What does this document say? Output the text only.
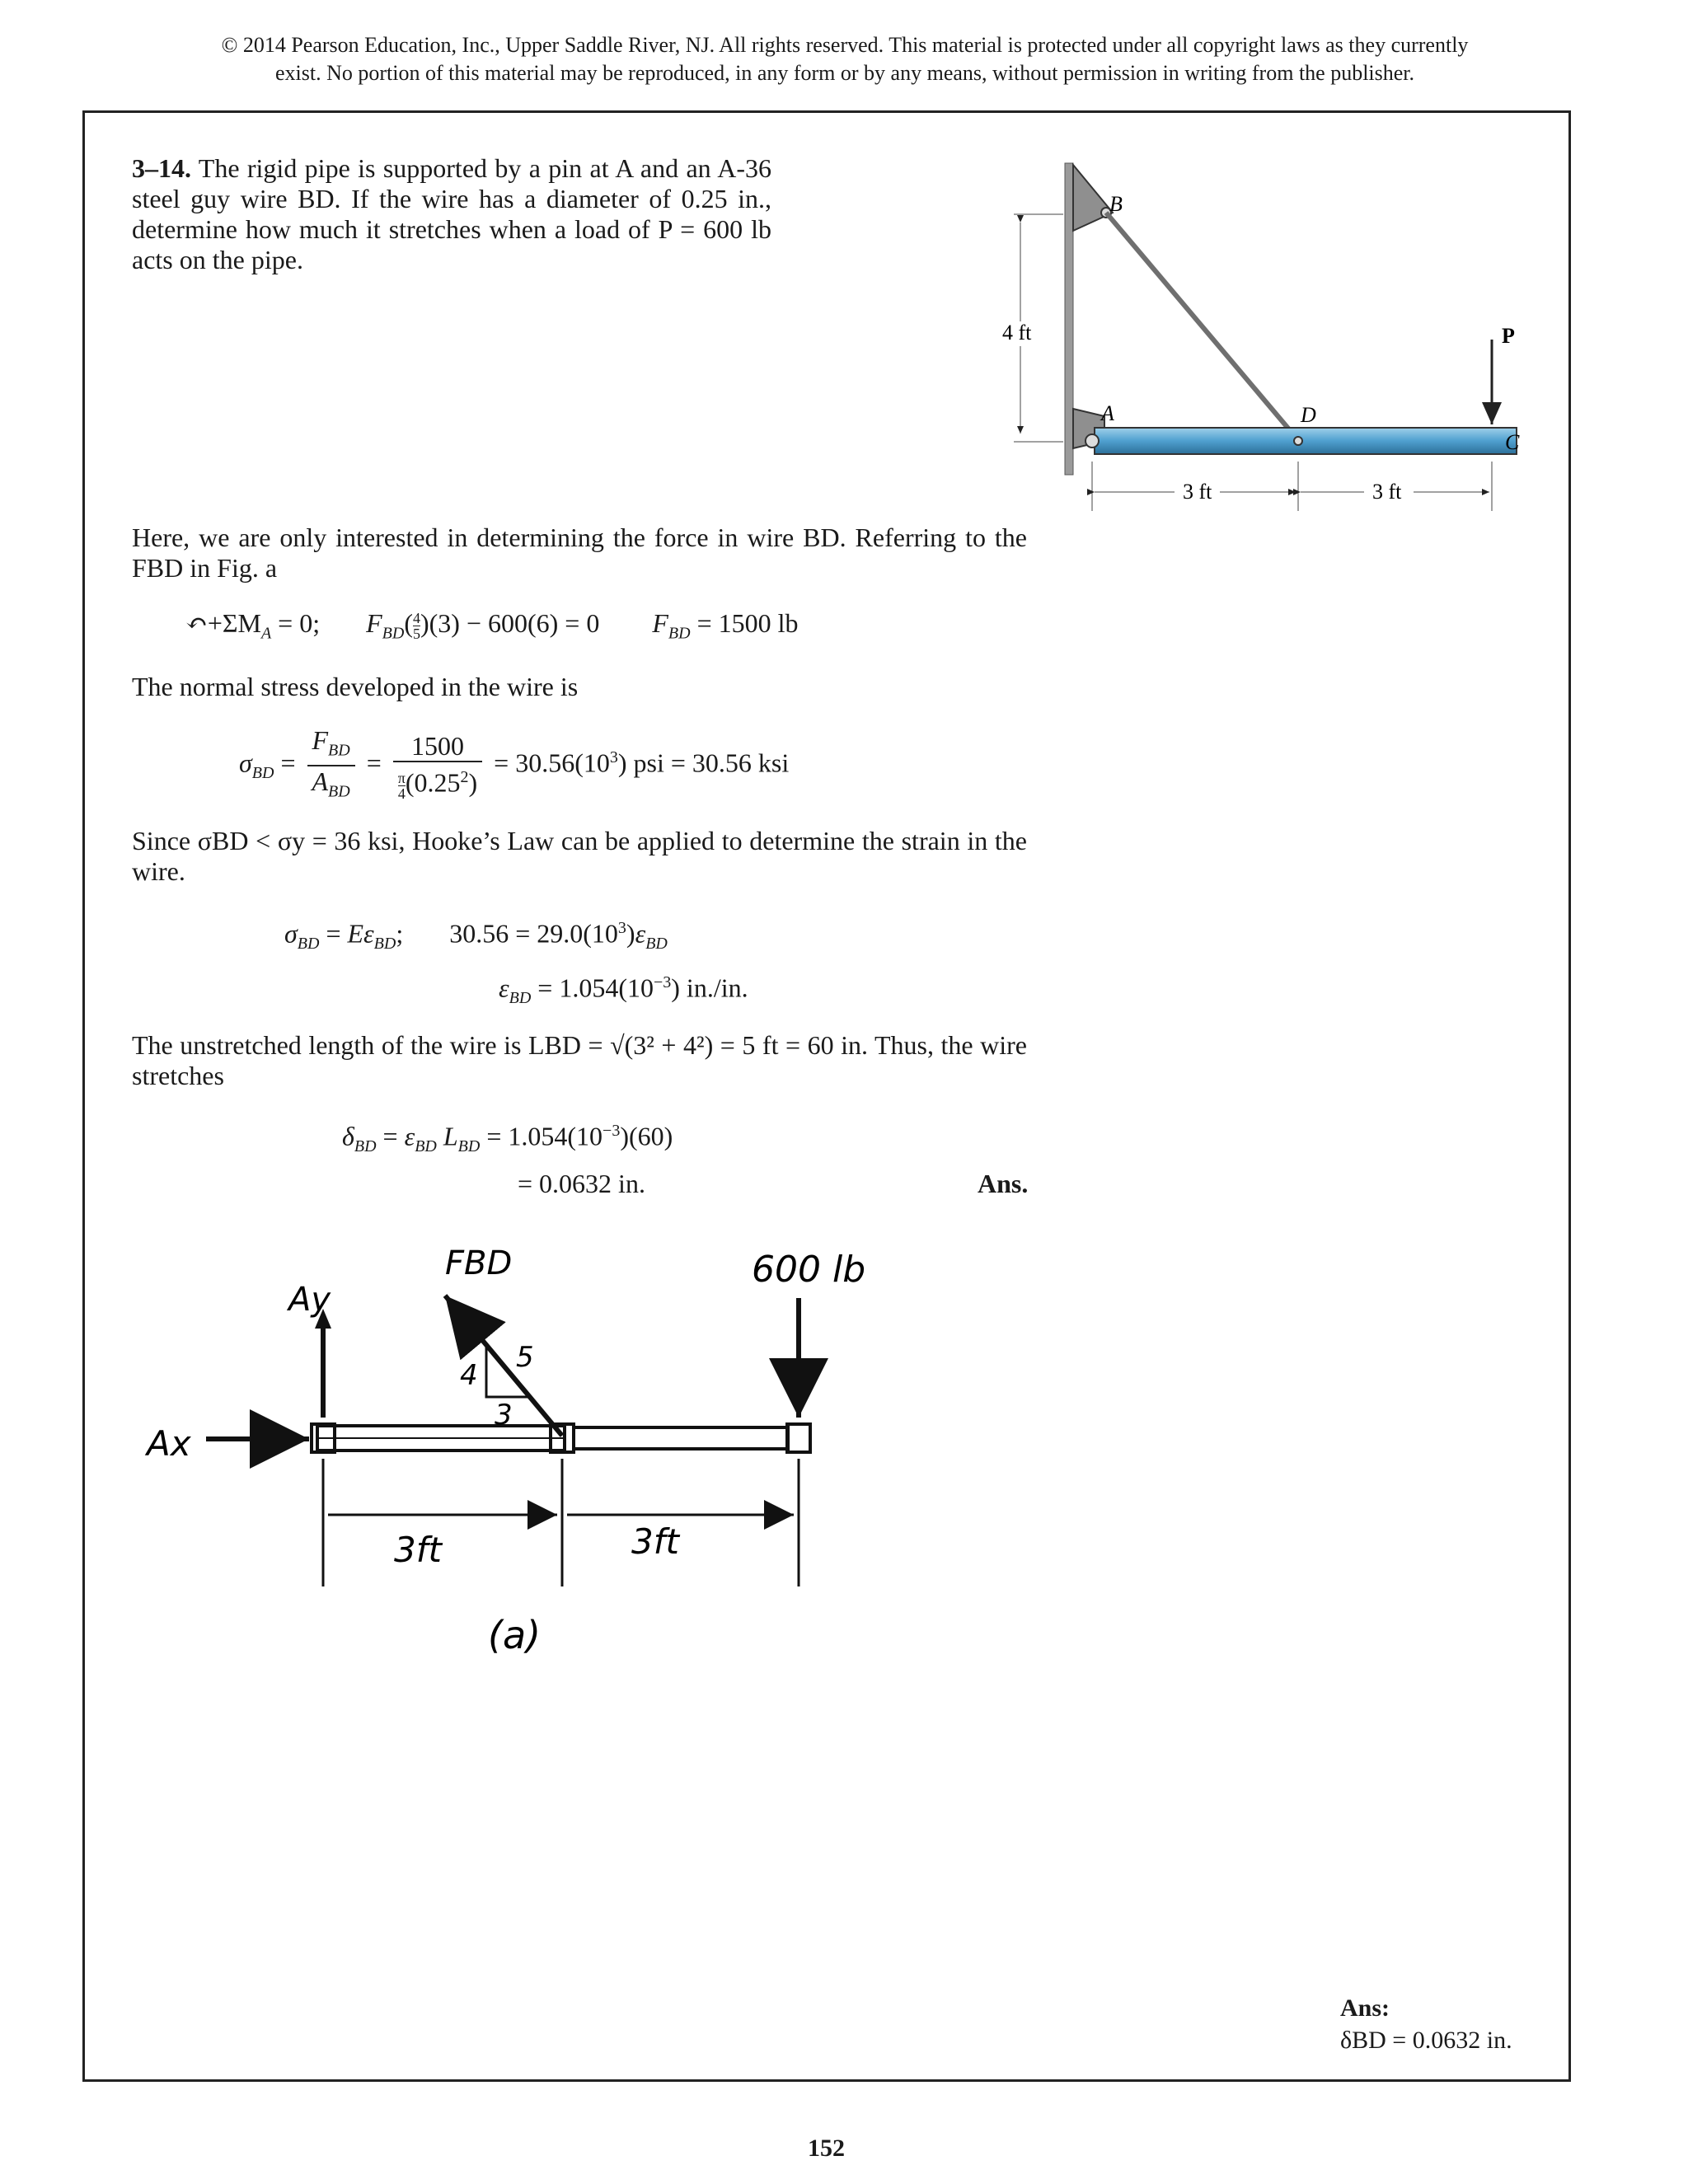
© 2014 Pearson Education, Inc., Upper Saddle River, NJ. All rights reserved. This material is protected under all copyright laws as they currently
exist. No portion of this material may be reproduced, in any form or by any means, without permission in writing from the publisher.
3–14. The rigid pipe is supported by a pin at A and an A-36 steel guy wire BD. If the wire has a diameter of 0.25 in., determine how much it stretches when a load of P = 600 lb acts on the pipe.
P
B
A	D
C
4 ft
3 ft	3 ft
Here, we are only interested in determining the force in wire BD. Referring to the FBD in Fig. a
$↶+\Sigma M_A = 0$;       $F_{BD}( \frac{4}{5})(3) - 600(6) = 0$        $F_{BD} = 1500$ lb
The normal stress developed in the wire is
$\sigma_{BD} = \frac{F_{BD}}{A_{BD}} = \frac{1500}{\frac{\pi}{4}(0.25^2)} = 30.56(10^3)$ psi = 30.56 ksi
Since σBD < σy = 36 ksi, Hooke’s Law can be applied to determine the strain in the wire.
$\sigma_{BD} = E\varepsilon_{BD}$;       $30.56 = 29.0(10^3)\varepsilon_{BD}$
$\varepsilon_{BD} = 1.054(10^{-3})$ in./in.
The unstretched length of the wire is LBD = √(3² + 4²) = 5 ft = 60 in. Thus, the wire stretches
$\delta_{BD} = \varepsilon_{BD}$ $L_{BD} = 1.054(10^{-3})(60)$
= 0.0632 in.	Ans.
Ax
Ay
FBD
4
5
3
600 lb
3ft	3ft
(a)
Ans:
δBD = 0.0632 in.
152
